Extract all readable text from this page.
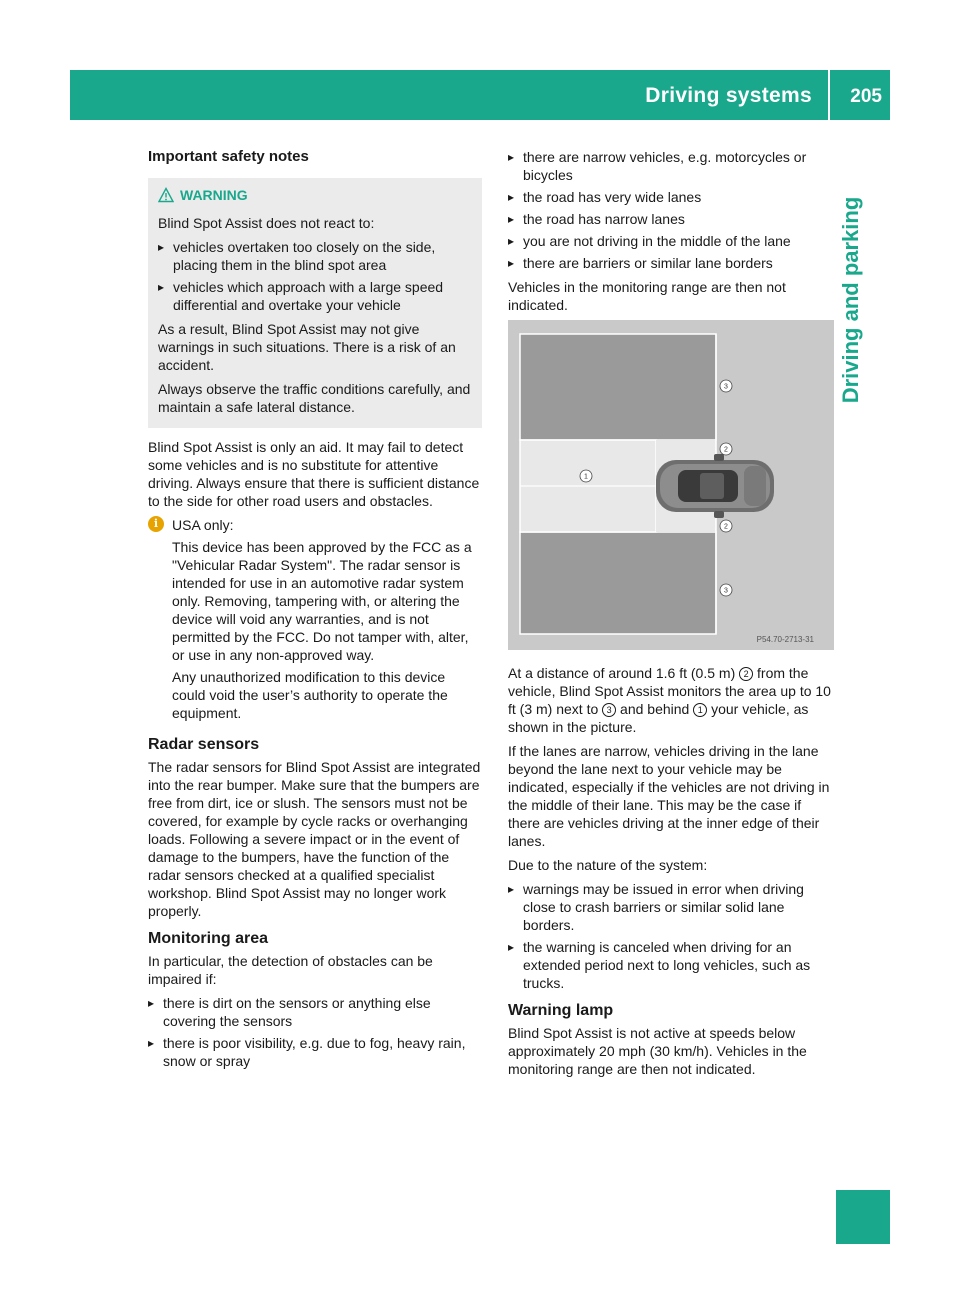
Driving systems 205
Driving and parking
Important safety notes
WARNING

Blind Spot Assist does not react to:

▸ vehicles overtaken too closely on the side, placing them in the blind spot area
▸ vehicles which approach with a large speed differential and overtake your vehicle

As a result, Blind Spot Assist may not give warnings in such situations. There is a risk of an accident.

Always observe the traffic conditions carefully, and maintain a safe lateral distance.

Blind Spot Assist is only an aid. It may fail to detect some vehicles and is no substitute for attentive driving. Always ensure that there is sufficient distance to the side for other road users and obstacles.

i USA only:

This device has been approved by the FCC as a "Vehicular Radar System". The radar sensor is intended for use in an automotive radar system only. Removing, tampering with, or altering the device will void any warranties, and is not permitted by the FCC. Do not tamper with, alter, or use in any non-approved way.

Any unauthorized modification to this device could void the user’s authority to operate the equipment.

Radar sensors

The radar sensors for Blind Spot Assist are integrated into the rear bumper. Make sure that the bumpers are free from dirt, ice or slush. The sensors must not be covered, for example by cycle racks or overhanging loads. Following a severe impact or in the event of damage to the bumpers, have the function of the radar sensors checked at a qualified specialist workshop. Blind Spot Assist may no longer work properly.

Monitoring area

In particular, the detection of obstacles can be impaired if:

▸ there is dirt on the sensors or anything else covering the sensors
▸ there is poor visibility, e.g. due to fog, heavy rain, snow or spray
▸ there are narrow vehicles, e.g. motorcycles or bicycles
▸ the road has very wide lanes
▸ the road has narrow lanes
▸ you are not driving in the middle of the lane
▸ there are barriers or similar lane borders

Vehicles in the monitoring range are then not indicated.

1
3
2
2
3
P54.70-2713-31

At a distance of around 1.6 ft (0.5 m) 2 from the vehicle, Blind Spot Assist monitors the area up to 10 ft (3 m) next to 3 and behind 1 your vehicle, as shown in the picture.

If the lanes are narrow, vehicles driving in the lane beyond the lane next to your vehicle may be indicated, especially if the vehicles are not driving in the middle of their lane. This may be the case if there are vehicles driving at the inner edge of their lanes.

Due to the nature of the system:

▸ warnings may be issued in error when driving close to crash barriers or similar solid lane borders.
▸ the warning is canceled when driving for an extended period next to long vehicles, such as trucks.
Warning lamp

Blind Spot Assist is not active at speeds below approximately 20 mph (30 km/h). Vehicles in the monitoring range are then not indicated.
